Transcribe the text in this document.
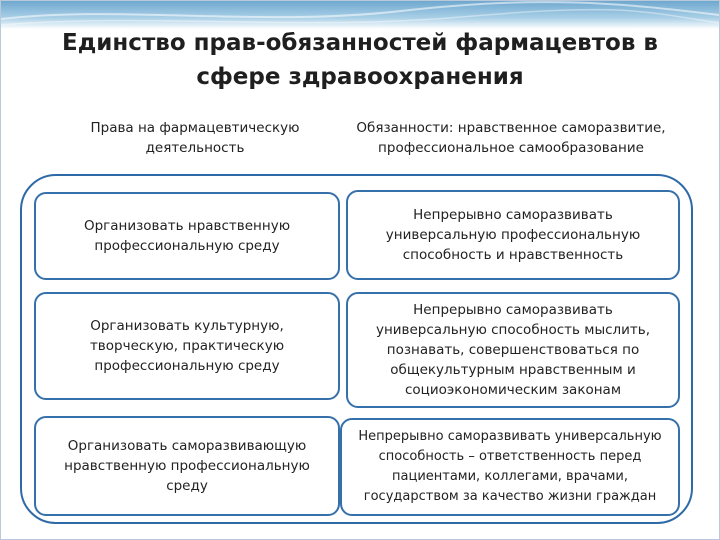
Единство прав-обязанностей фармацевтов в
сфере здравоохранения
Права на фармацевтическую
деятельность
Обязанности: нравственное саморазвитие,
профессиональное самообразование
Организовать нравственную
профессиональную среду
Непрерывно саморазвивать
универсальную профессиональную
способность и нравственность
Организовать культурную,
творческую, практическую
профессиональную среду
Непрерывно саморазвивать
универсальную способность мыслить,
познавать, совершенствоваться по
общекультурным нравственным и
социоэкономическим законам
Организовать саморазвивающую
нравственную профессиональную
среду
Непрерывно саморазвивать универсальную
способность – ответственность перед
пациентами, коллегами, врачами,
государством за качество жизни граждан
